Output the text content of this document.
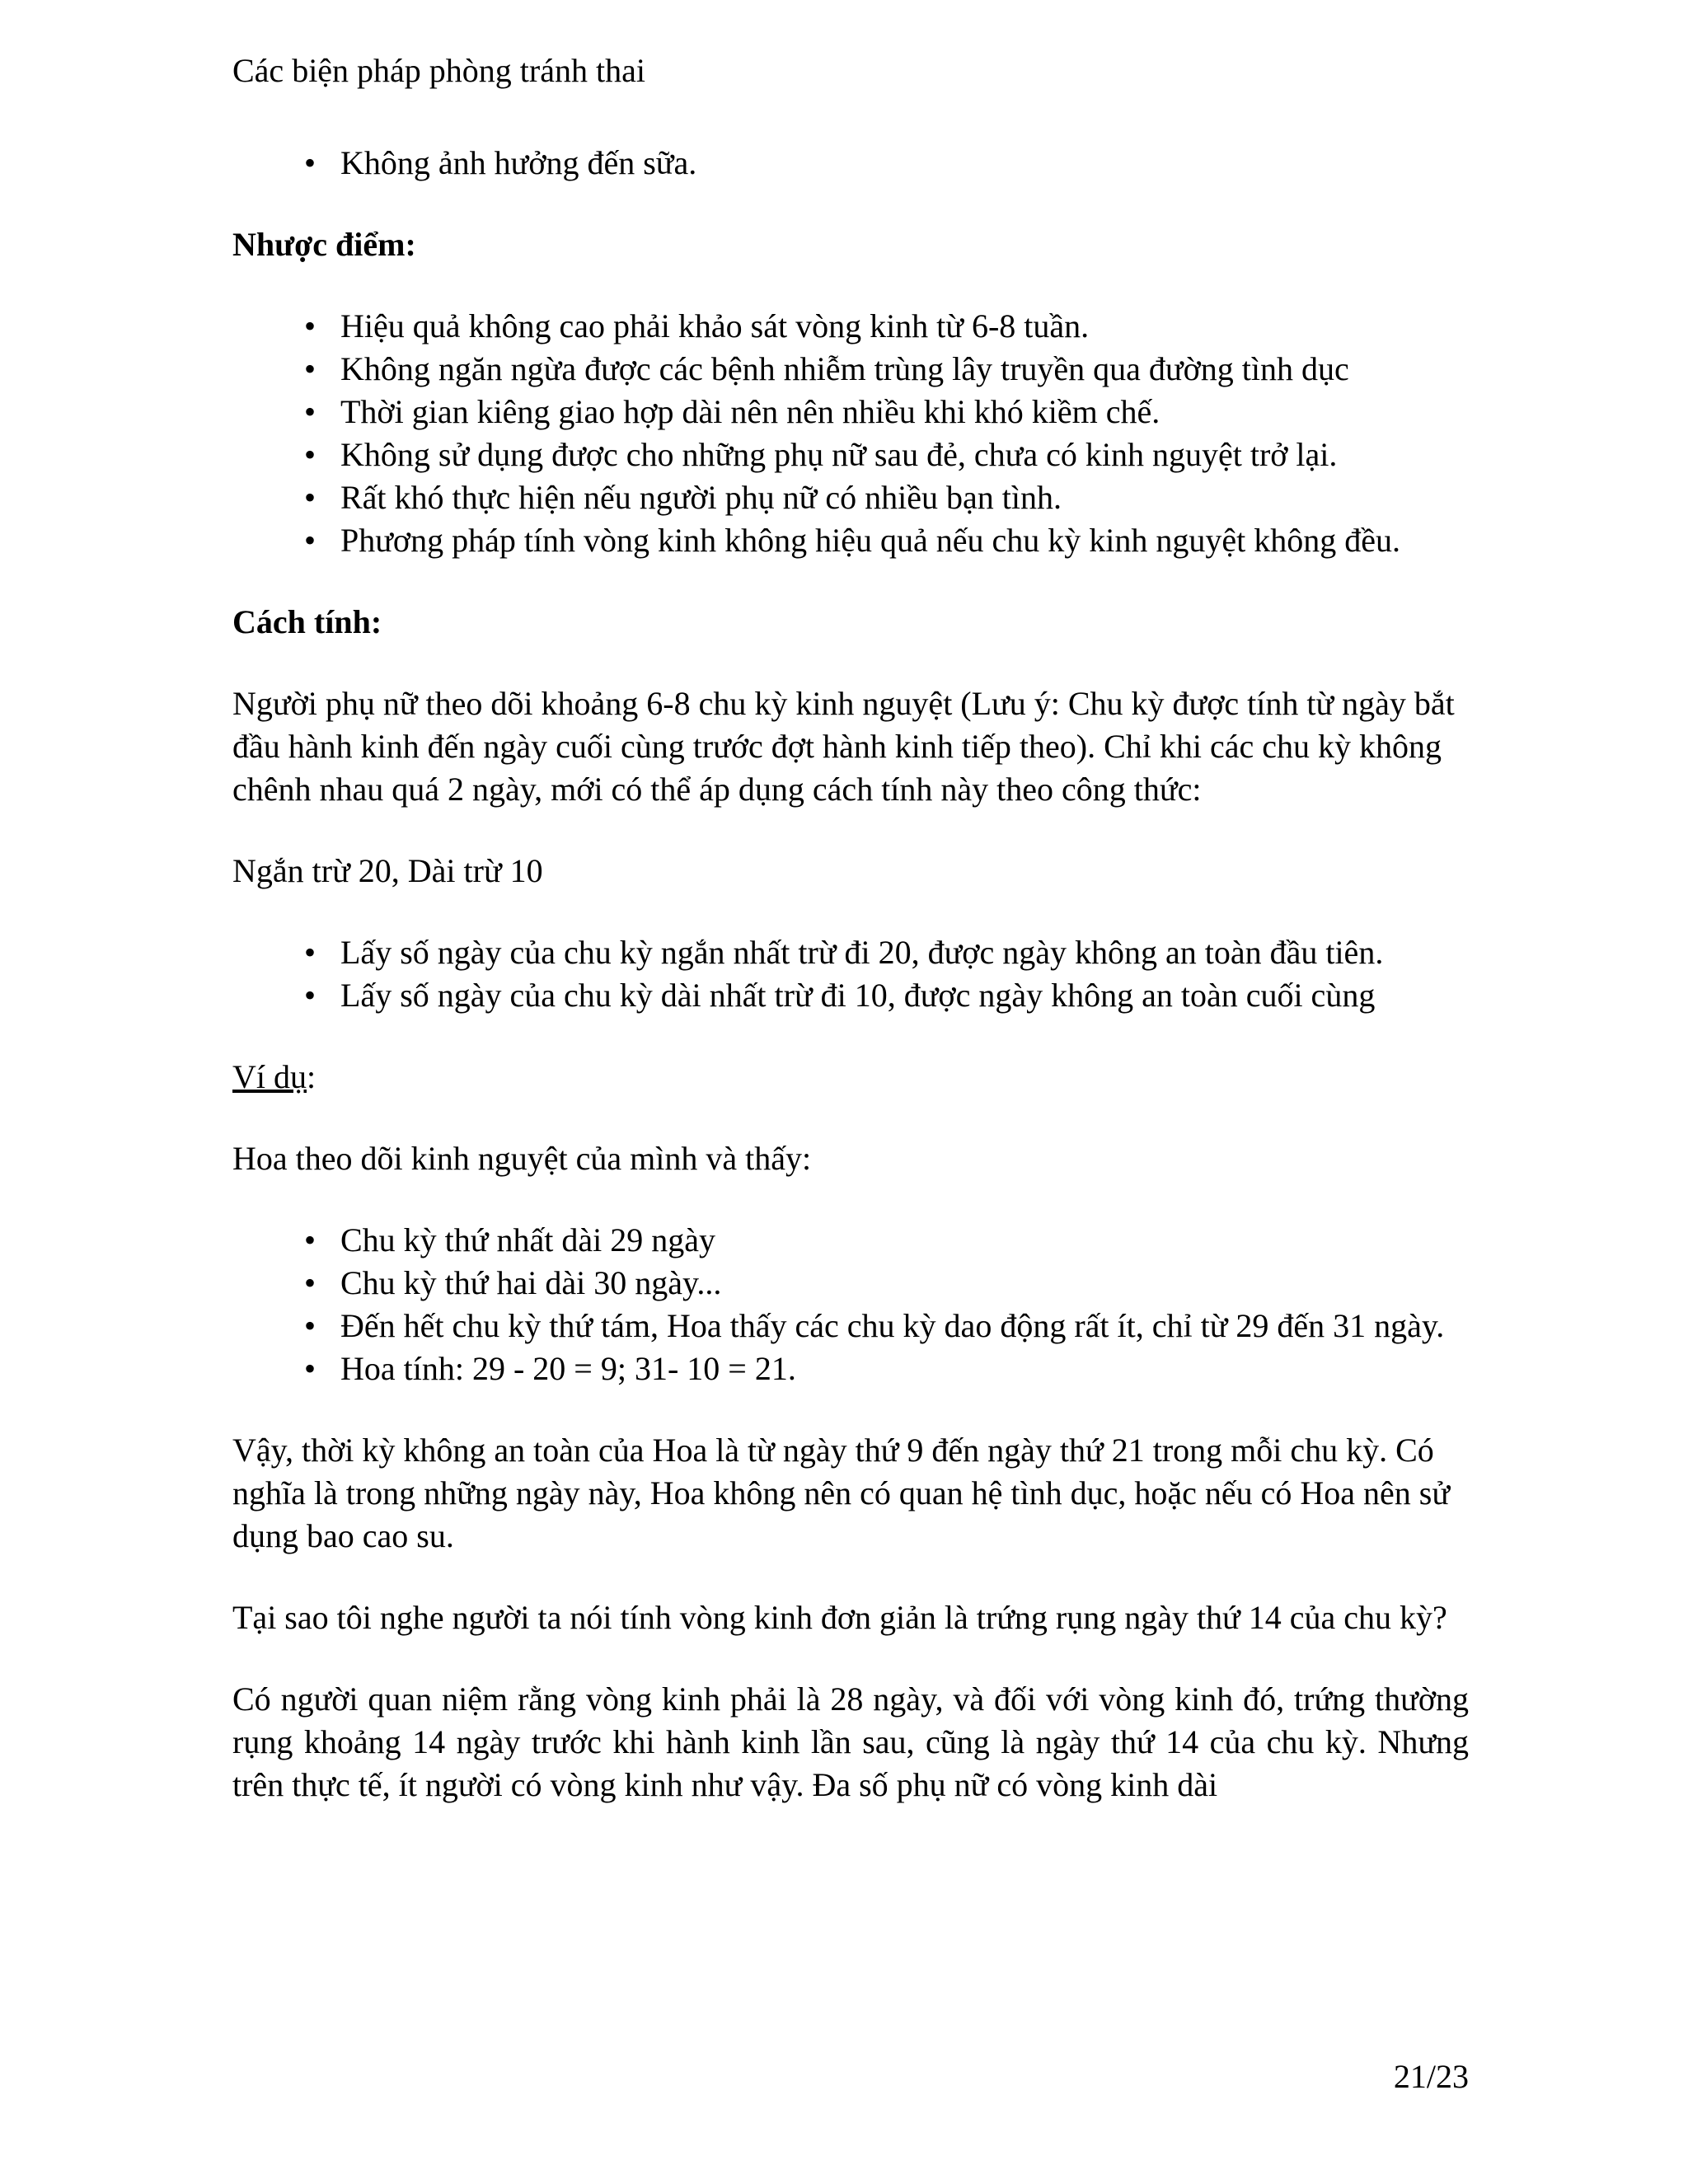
Các biện pháp phòng tránh thai
• Không ảnh hưởng đến sữa.
Nhược điểm:
• Hiệu quả không cao phải khảo sát vòng kinh từ 6-8 tuần.
• Không ngăn ngừa được các bệnh nhiễm trùng lây truyền qua đường tình dục
• Thời gian kiêng giao hợp dài nên nên nhiều khi khó kiềm chế.
• Không sử dụng được cho những phụ nữ sau đẻ, chưa có kinh nguyệt trở lại.
• Rất khó thực hiện nếu người phụ nữ có nhiều bạn tình.
• Phương pháp tính vòng kinh không hiệu quả nếu chu kỳ kinh nguyệt không đều.
Cách tính:

Người phụ nữ theo dõi khoảng 6-8 chu kỳ kinh nguyệt (Lưu ý: Chu kỳ được tính từ ngày bắt đầu hành kinh đến ngày cuối cùng trước đợt hành kinh tiếp theo). Chỉ khi các chu kỳ không chênh nhau quá 2 ngày, mới có thể áp dụng cách tính này theo công thức:

Ngắn trừ 20, Dài trừ 10

• Lấy số ngày của chu kỳ ngắn nhất trừ đi 20, được ngày không an toàn đầu tiên.
• Lấy số ngày của chu kỳ dài nhất trừ đi 10, được ngày không an toàn cuối cùng

Ví dụ:

Hoa theo dõi kinh nguyệt của mình và thấy:

• Chu kỳ thứ nhất dài 29 ngày
• Chu kỳ thứ hai dài 30 ngày...
• Đến hết chu kỳ thứ tám, Hoa thấy các chu kỳ dao động rất ít, chỉ từ 29 đến 31 ngày.
• Hoa tính: 29 - 20 = 9; 31- 10 = 21.

Vậy, thời kỳ không an toàn của Hoa là từ ngày thứ 9 đến ngày thứ 21 trong mỗi chu kỳ. Có nghĩa là trong những ngày này, Hoa không nên có quan hệ tình dục, hoặc nếu có Hoa nên sử dụng bao cao su.

Tại sao tôi nghe người ta nói tính vòng kinh đơn giản là trứng rụng ngày thứ 14 của chu kỳ?

Có người quan niệm rằng vòng kinh phải là 28 ngày, và đối với vòng kinh đó, trứng thường rụng khoảng 14 ngày trước khi hành kinh lần sau, cũng là ngày thứ 14 của chu kỳ. Nhưng trên thực tế, ít người có vòng kinh như vậy. Đa số phụ nữ có vòng kinh dài

21/23
